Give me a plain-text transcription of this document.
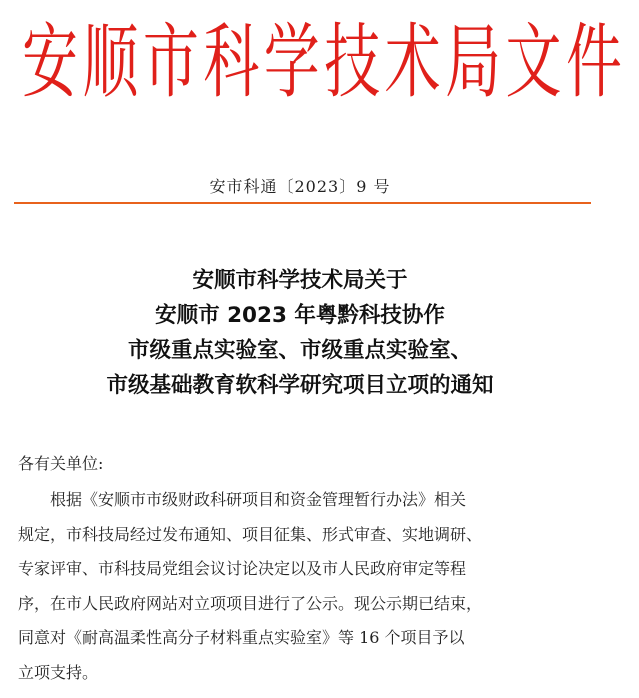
安 顺 市 科 学 技 术 局 文 件
安市科通〔2023〕9 号
安顺市科学技术局关于
安顺市 2023 年粤黔科技协作
市级重点实验室、市级重点实验室、
市级基础教育软科学研究项目立项的通知
各有关单位:
根据《安顺市市级财政科研项目和资金管理暂行办法》相关
规定，市科技局经过发布通知、项目征集、形式审查、实地调研、
专家评审、市科技局党组会议讨论决定以及市人民政府审定等程
序，在市人民政府网站对立项项目进行了公示。现公示期已结束，
同意对《耐高温柔性高分子材料重点实验室》等 16 个项目予以
立项支持。
